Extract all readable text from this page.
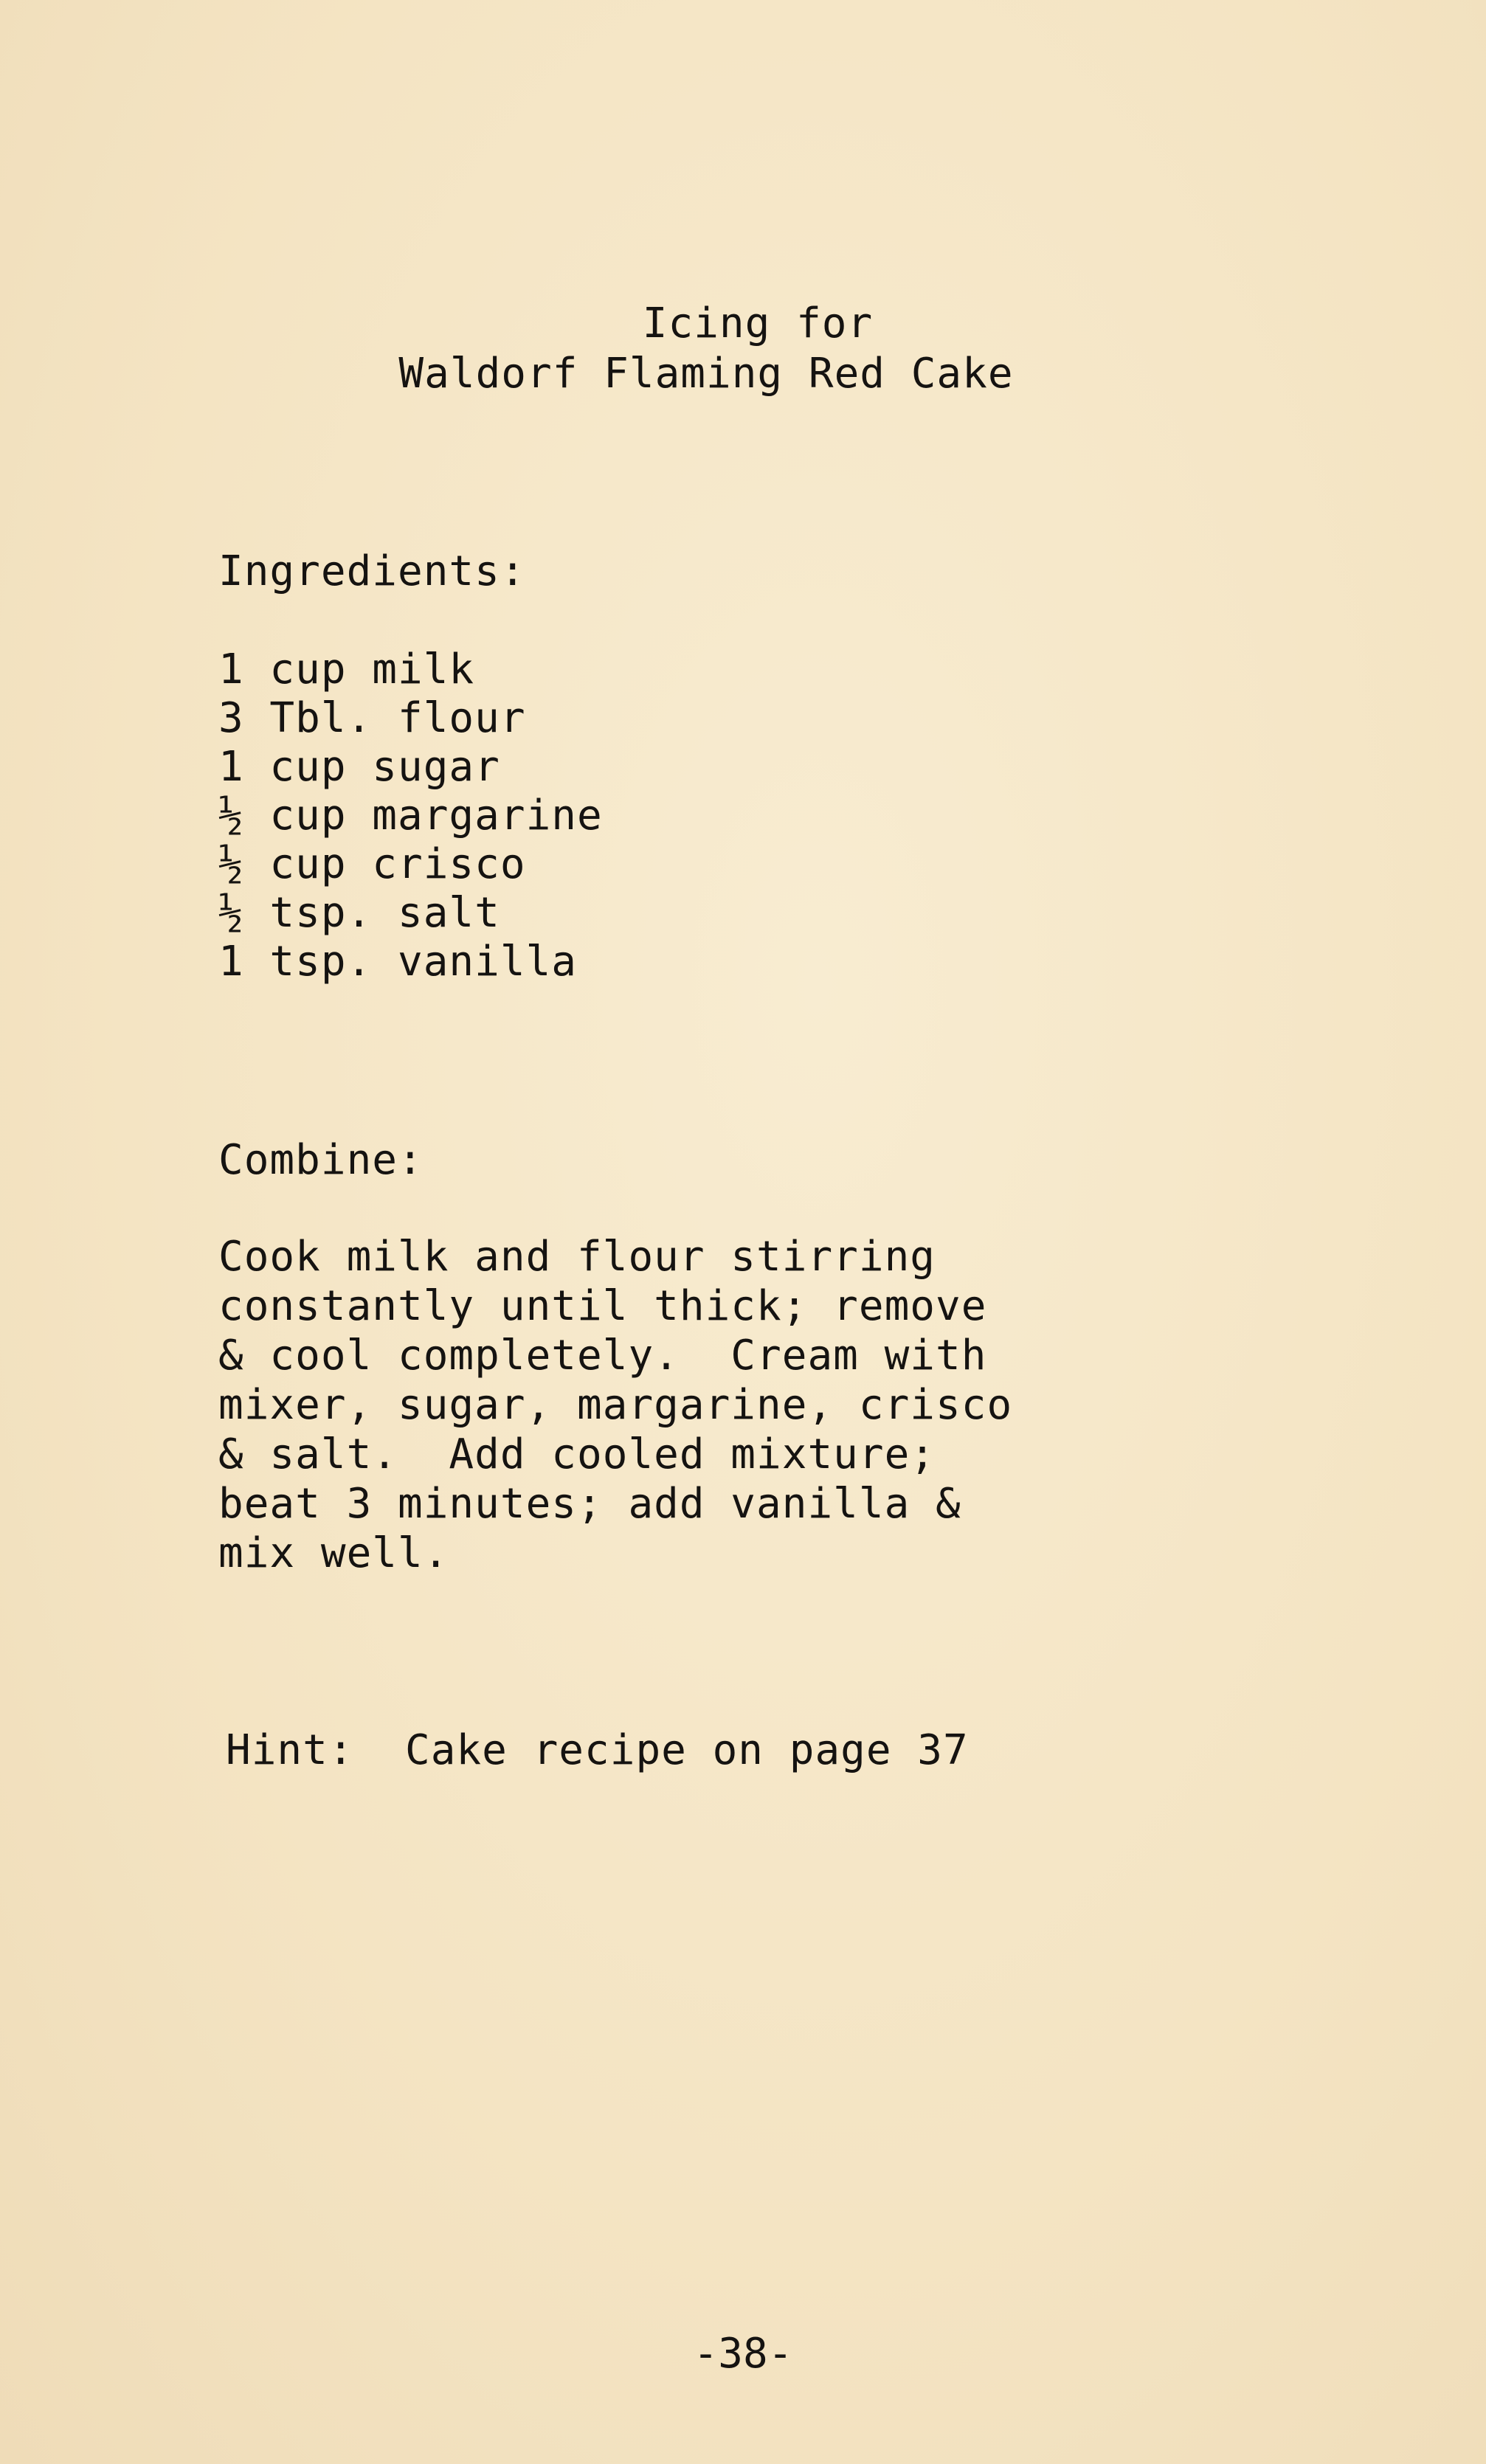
Icing for
Waldorf Flaming Red Cake
Ingredients:
1 cup milk
3 Tbl. flour
1 cup sugar
½ cup margarine
½ cup crisco
½ tsp. salt
1 tsp. vanilla
Combine:

Cook milk and flour stirring
constantly until thick; remove
& cool completely.  Cream with
mixer, sugar, margarine, crisco
& salt.  Add cooled mixture;
beat 3 minutes; add vanilla &
mix well.

Hint:  Cake recipe on page 37
-38-
